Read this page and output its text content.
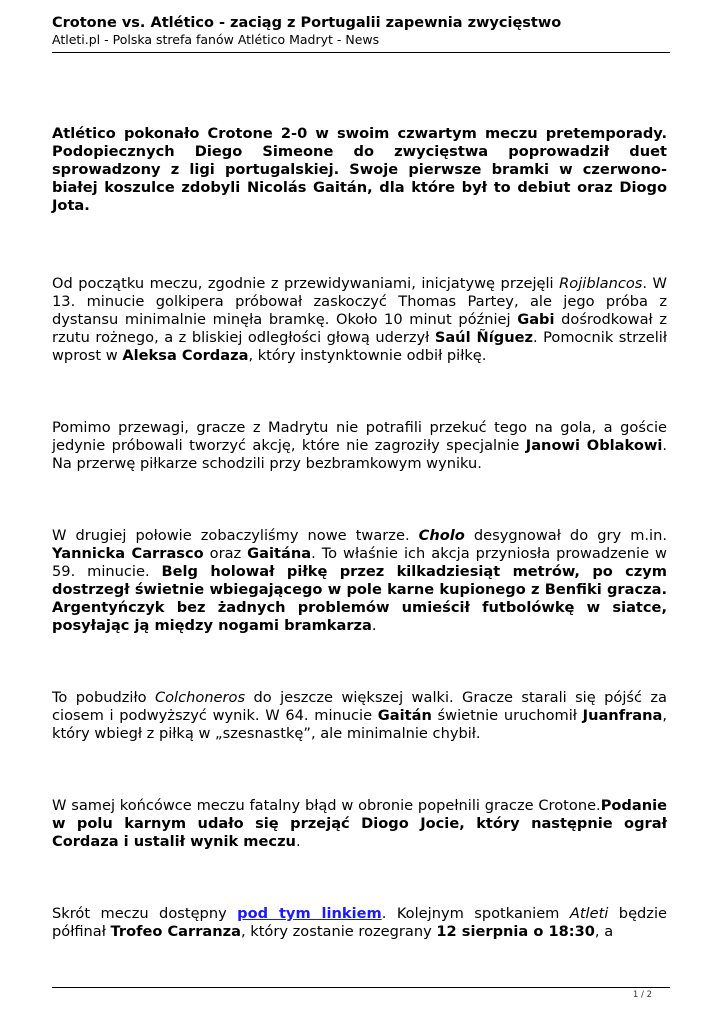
Crotone vs. Atlético - zaciąg z Portugalii zapewnia zwycięstwo
Atleti.pl - Polska strefa fanów Atlético Madryt - News

Atlético pokonało Crotone 2-0 w swoim czwartym meczu pretemporady. Podopiecznych Diego Simeone do zwycięstwa poprowadził duet sprowadzony z ligi portugalskiej. Swoje pierwsze bramki w czerwono-białej koszulce zdobyli Nicolás Gaitán, dla które był to debiut oraz Diogo Jota.

Od początku meczu, zgodnie z przewidywaniami, inicjatywę przejęli Rojiblancos. W 13. minucie golkipera próbował zaskoczyć Thomas Partey, ale jego próba z dystansu minimalnie minęła bramkę. Około 10 minut później Gabi dośrodkował z rzutu rożnego, a z bliskiej odległości głową uderzył Saúl Ñíguez. Pomocnik strzelił wprost w Aleksa Cordaza, który instynktownie odbił piłkę.

Pomimo przewagi, gracze z Madrytu nie potrafili przekuć tego na gola, a goście jedynie próbowali tworzyć akcję, które nie zagroziły specjalnie Janowi Oblakowi. Na przerwę piłkarze schodzili przy bezbramkowym wyniku.

W drugiej połowie zobaczyliśmy nowe twarze. Cholo desygnował do gry m.in. Yannicka Carrasco oraz Gaitána. To właśnie ich akcja przyniosła prowadzenie w 59. minucie. Belg holował piłkę przez kilkadziesiąt metrów, po czym dostrzegł świetnie wbiegającego w pole karne kupionego z Benfiki gracza. Argentyńczyk bez żadnych problemów umieścił futbolówkę w siatce, posyłając ją między nogami bramkarza.

To pobudziło Colchoneros do jeszcze większej walki. Gracze starali się pójść za ciosem i podwyższyć wynik. W 64. minucie Gaitán świetnie uruchomił Juanfrana, który wbiegł z piłką w „szesnastkę”, ale minimalnie chybił.

W samej końcówce meczu fatalny błąd w obronie popełnili gracze Crotone.Podanie w polu karnym udało się przejąć Diogo Jocie, który następnie ograł Cordaza i ustalił wynik meczu.

Skrót meczu dostępny pod tym linkiem. Kolejnym spotkaniem Atleti będzie półfinał Trofeo Carranza, który zostanie rozegrany 12 sierpnia o 18:30, a

1 / 2
